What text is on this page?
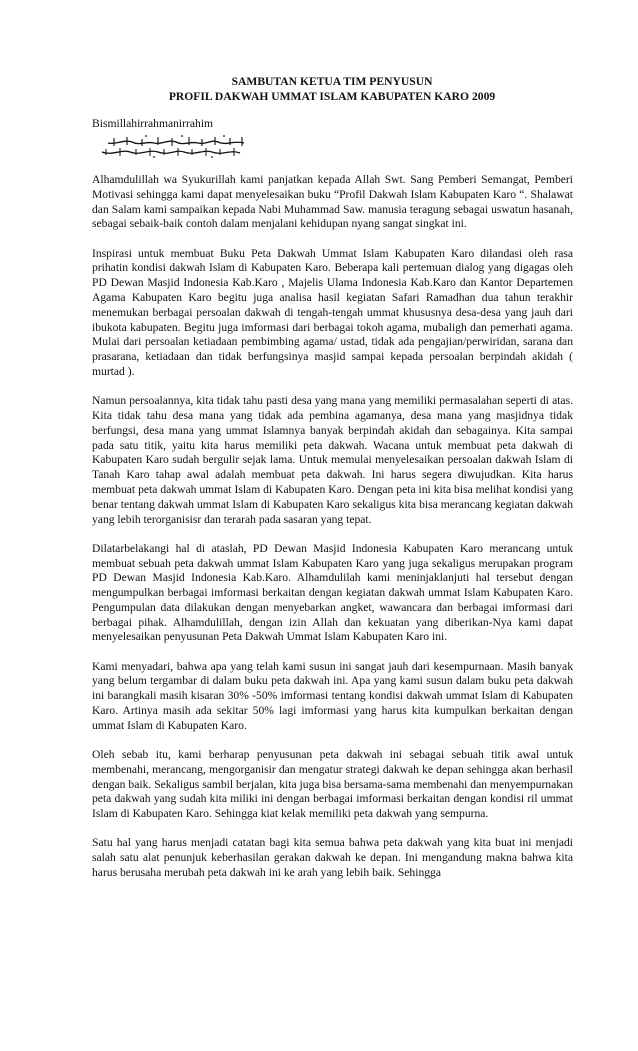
SAMBUTAN KETUA TIM PENYUSUN
PROFIL DAKWAH UMMAT ISLAM KABUPATEN KARO 2009
Bismillahirrahmanirrahim

Alhamdulillah wa Syukurillah kami panjatkan kepada Allah Swt. Sang Pemberi Semangat, Pemberi Motivasi sehingga kami dapat menyelesaikan buku “Profil Dakwah Islam Kabupaten Karo “. Shalawat dan Salam kami sampaikan kepada Nabi Muhammad Saw. manusia teragung sebagai uswatun hasanah, sebagai sebaik-baik contoh dalam menjalani kehidupan nyang sangat singkat ini.

Inspirasi untuk membuat Buku Peta Dakwah Ummat Islam Kabupaten Karo dilandasi oleh rasa prihatin kondisi dakwah Islam di Kabupaten Karo. Beberapa kali pertemuan dialog yang digagas oleh PD Dewan Masjid Indonesia Kab.Karo , Majelis Ulama Indonesia Kab.Karo dan Kantor Departemen Agama Kabupaten Karo begitu juga analisa hasil kegiatan Safari Ramadhan dua tahun terakhir menemukan berbagai persoalan dakwah di tengah-tengah ummat khususnya desa-desa yang jauh dari ibukota kabupaten. Begitu juga imformasi dari berbagai tokoh agama, mubaligh dan pemerhati agama. Mulai dari persoalan ketiadaan pembimbing agama/ ustad, tidak ada pengajian/perwiridan, sarana dan prasarana, ketiadaan dan tidak berfungsinya masjid sampai kepada persoalan berpindah akidah ( murtad ).

Namun persoalannya, kita tidak tahu pasti desa yang mana yang memiliki permasalahan seperti di atas. Kita tidak tahu desa mana yang tidak ada pembina agamanya, desa mana yang masjidnya tidak berfungsi, desa mana yang ummat Islamnya banyak berpindah akidah dan sebagainya. Kita sampai pada satu titik, yaitu kita harus memiliki peta dakwah. Wacana untuk membuat peta dakwah di Kabupaten Karo sudah bergulir sejak lama. Untuk memulai menyelesaikan persoalan dakwah Islam di Tanah Karo tahap awal adalah membuat peta dakwah. Ini harus segera diwujudkan. Kita harus membuat peta dakwah ummat Islam di Kabupaten Karo. Dengan peta ini kita bisa melihat kondisi yang benar tentang dakwah ummat Islam di Kabupaten Karo sekaligus kita bisa merancang kegiatan dakwah yang lebih terorganisisr dan terarah pada sasaran yang tepat.

Dilatarbelakangi hal di ataslah, PD Dewan Masjid Indonesia Kabupaten Karo merancang untuk membuat sebuah peta dakwah ummat Islam Kabupaten Karo yang juga sekaligus merupakan program PD Dewan Masjid Indonesia Kab.Karo. Alhamdulilah kami meninjaklanjuti hal tersebut dengan mengumpulkan berbagai imformasi berkaitan dengan kegiatan dakwah ummat Islam Kabupaten Karo. Pengumpulan data dilakukan dengan menyebarkan angket, wawancara dan berbagai imformasi dari berbagai pihak. Alhamdulillah, dengan izin Allah dan kekuatan yang diberikan-Nya kami dapat menyelesaikan penyusunan Peta Dakwah Ummat Islam Kabupaten Karo ini.

Kami menyadari, bahwa apa yang telah kami susun ini sangat jauh dari kesempurnaan. Masih banyak yang belum tergambar di dalam buku peta dakwah ini. Apa yang kami susun dalam buku peta dakwah ini barangkali masih kisaran 30% -50% imformasi tentang kondisi dakwah ummat Islam di Kabupaten Karo. Artinya masih ada sekitar 50% lagi imformasi yang harus kita kumpulkan berkaitan dengan ummat Islam di Kabupaten Karo.

Oleh sebab itu, kami berharap penyusunan peta dakwah ini sebagai sebuah titik awal untuk membenahi, merancang, mengorganisir dan mengatur strategi dakwah ke depan sehingga akan berhasil dengan baik. Sekaligus sambil berjalan, kita juga bisa bersama-sama membenahi dan menyempurnakan peta dakwah yang sudah kita miliki ini dengan berbagai imformasi berkaitan dengan kondisi ril ummat Islam di Kabupaten Karo. Sehingga kiat kelak memiliki peta dakwah yang sempurna.

Satu hal yang harus menjadi catatan bagi kita semua bahwa peta dakwah yang kita buat ini menjadi salah satu alat penunjuk keberhasilan gerakan dakwah ke depan. Ini mengandung makna bahwa kita harus berusaha merubah peta dakwah ini ke arah yang lebih baik. Sehingga
